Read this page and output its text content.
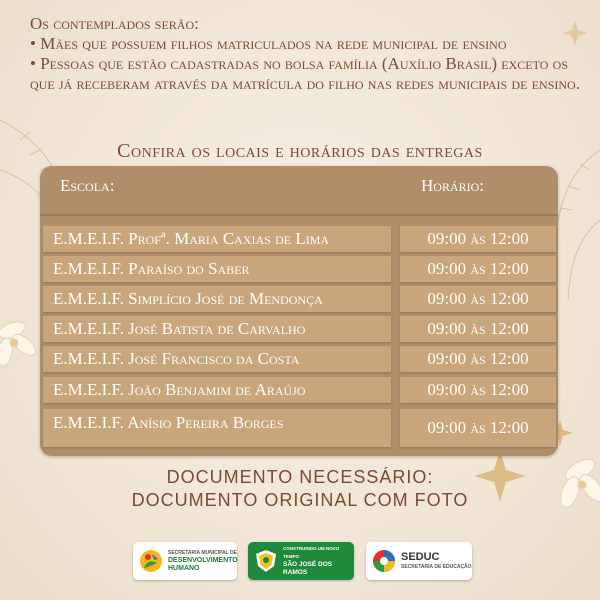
Os contemplados serão:

• Mães que possuem filhos matriculados na rede municipal de ensino

• Pessoas que estão cadastradas no bolsa família (Auxílio Brasil) exceto os que já receberam através da matrícula do filho nas redes municipais de ensino.

Confira os locais e horários das entregas
Escola:	Horário:
E.M.E.I.F. Profª. Maria Caxias de Lima	09:00 às 12:00
E.M.E.I.F. Paraíso do Saber	09:00 às 12:00
E.M.E.I.F. Simplício José de Mendonça	09:00 às 12:00
E.M.E.I.F. José Batista de Carvalho	09:00 às 12:00
E.M.E.I.F. José Francisco da Costa	09:00 às 12:00
E.M.E.I.F. João Benjamim de Araújo	09:00 às 12:00
E.M.E.I.F. Anísio Pereira Borges	09:00 às 12:00
DOCUMENTO NECESSÁRIO:
DOCUMENTO ORIGINAL COM FOTO
SECRETARIA MUNICIPAL DE
DESENVOLVIMENTO
HUMANO
CONSTRUINDO UM NOVO TEMPO
SÃO JOSÉ DOS RAMOS
SEDUC
SECRETARIA DE EDUCAÇÃO
